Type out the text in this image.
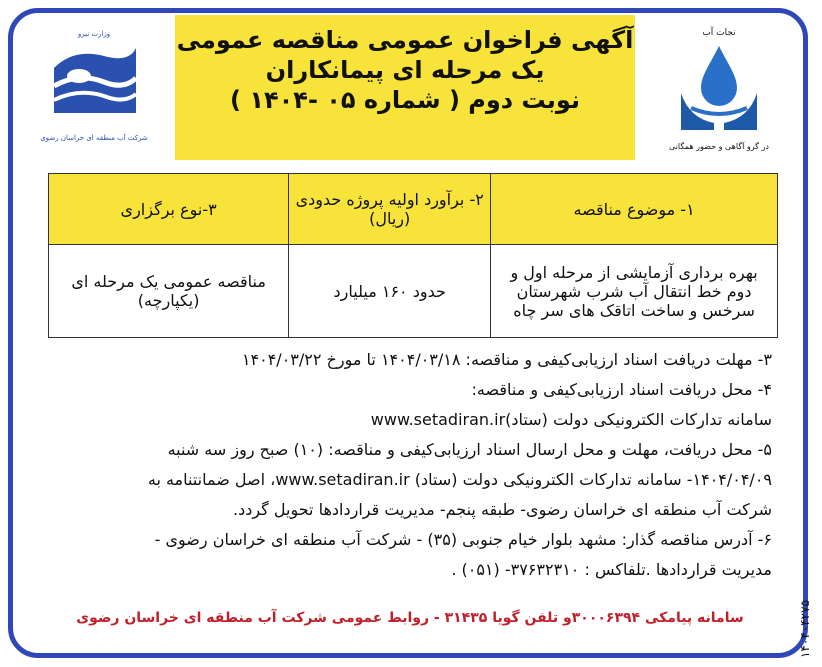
وزارت نیرو
شرکت آب منطقه ای خراسان رضوی
آگهی فراخوان عمومی مناقصه عمومی
یک مرحله ای پیمانکاران
نوبت دوم ( شماره ۰۵ -۱۴۰۴ )
نجات آب
در گرو آگاهی و حضور همگانی
۱- موضوع مناقصه	۲- برآورد اولیه پروژه حدودی (ریال)	۳-نوع برگزاری
بهره برداری آزمایشی از مرحله اول و دوم خط انتقال آب شرب شهرستان سرخس و ساخت اتاقک های سر چاه	حدود ۱۶۰ میلیارد	مناقصه عمومی یک مرحله ای (یکپارچه)

۳- مهلت دریافت اسناد ارزیابی‌کیفی و مناقصه: ۱۴۰۴/۰۳/۱۸ تا مورخ ۱۴۰۴/۰۳/۲۲

۴- محل دریافت اسناد ارزیابی‌کیفی و مناقصه:

سامانه تدارکات الکترونیکی دولت (ستاد)www.setadiran.ir

۵- محل دریافت، مهلت و محل ارسال اسناد ارزیابی‌کیفی و مناقصه: (۱۰) صبح روز سه شنبه

۱۴۰۴/۰۴/۰۹- سامانه تدارکات الکترونیکی دولت (ستاد) www.setadiran.ir، اصل ضمانتنامه به

شرکت آب منطقه ای خراسان رضوی- طبقه پنجم- مدیریت قراردادها تحویل گردد.

۶- آدرس مناقصه گذار: مشهد بلوار خیام جنوبی (۳۵) - شرکت آب منطقه ای خراسان رضوی -

مدیریت قراردادها .تلفاکس : ۳۷۶۳۲۳۱۰- (۰۵۱) .

سامانه پیامکی ۳۰۰۰۶۳۹۴و تلفن گویا ۳۱۴۳۵ - روابط عمومی شرکت آب منطقه ای خراسان رضوی	۱۴۰۴۰۴۲۷۵
